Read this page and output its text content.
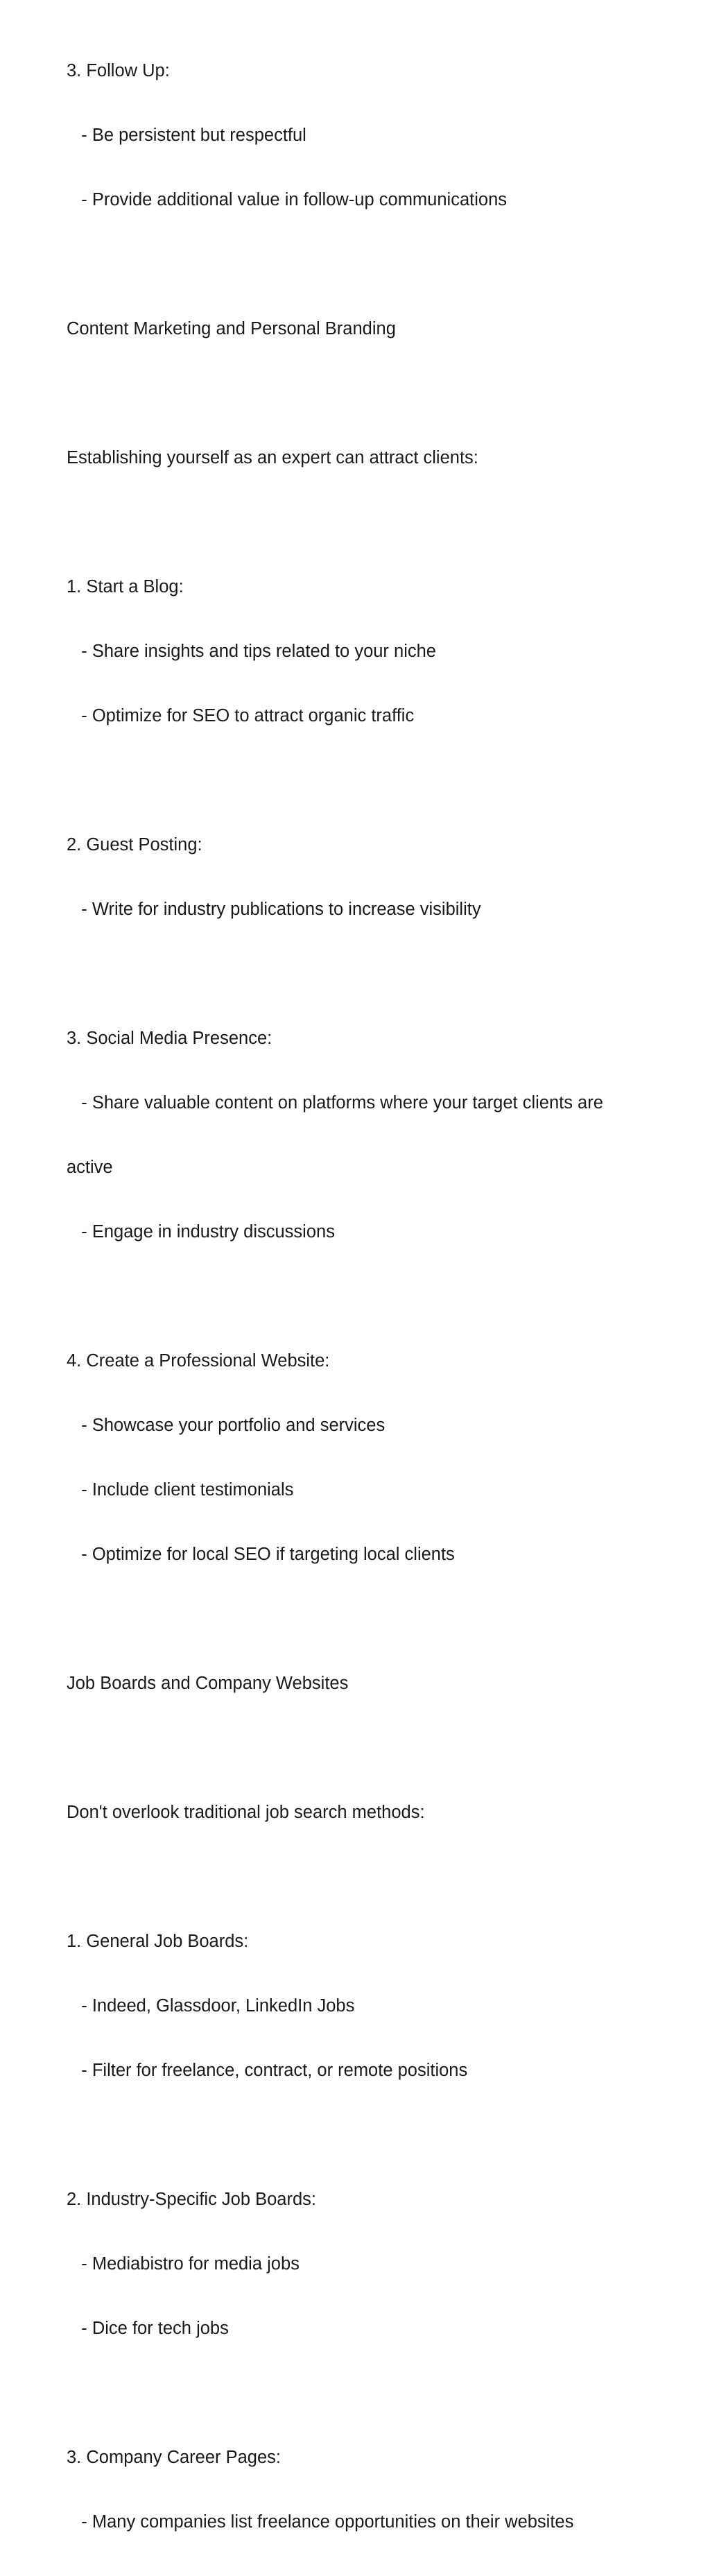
3. Follow Up:

- Be persistent but respectful

- Provide additional value in follow-up communications

Content Marketing and Personal Branding

Establishing yourself as an expert can attract clients:

1. Start a Blog:

- Share insights and tips related to your niche

- Optimize for SEO to attract organic traffic

2. Guest Posting:

- Write for industry publications to increase visibility

3. Social Media Presence:

- Share valuable content on platforms where your target clients are

active

- Engage in industry discussions

4. Create a Professional Website:

- Showcase your portfolio and services

- Include client testimonials

- Optimize for local SEO if targeting local clients

Job Boards and Company Websites

Don't overlook traditional job search methods:

1. General Job Boards:

- Indeed, Glassdoor, LinkedIn Jobs

- Filter for freelance, contract, or remote positions

2. Industry-Specific Job Boards:

- Mediabistro for media jobs

- Dice for tech jobs

3. Company Career Pages:

- Many companies list freelance opportunities on their websites
